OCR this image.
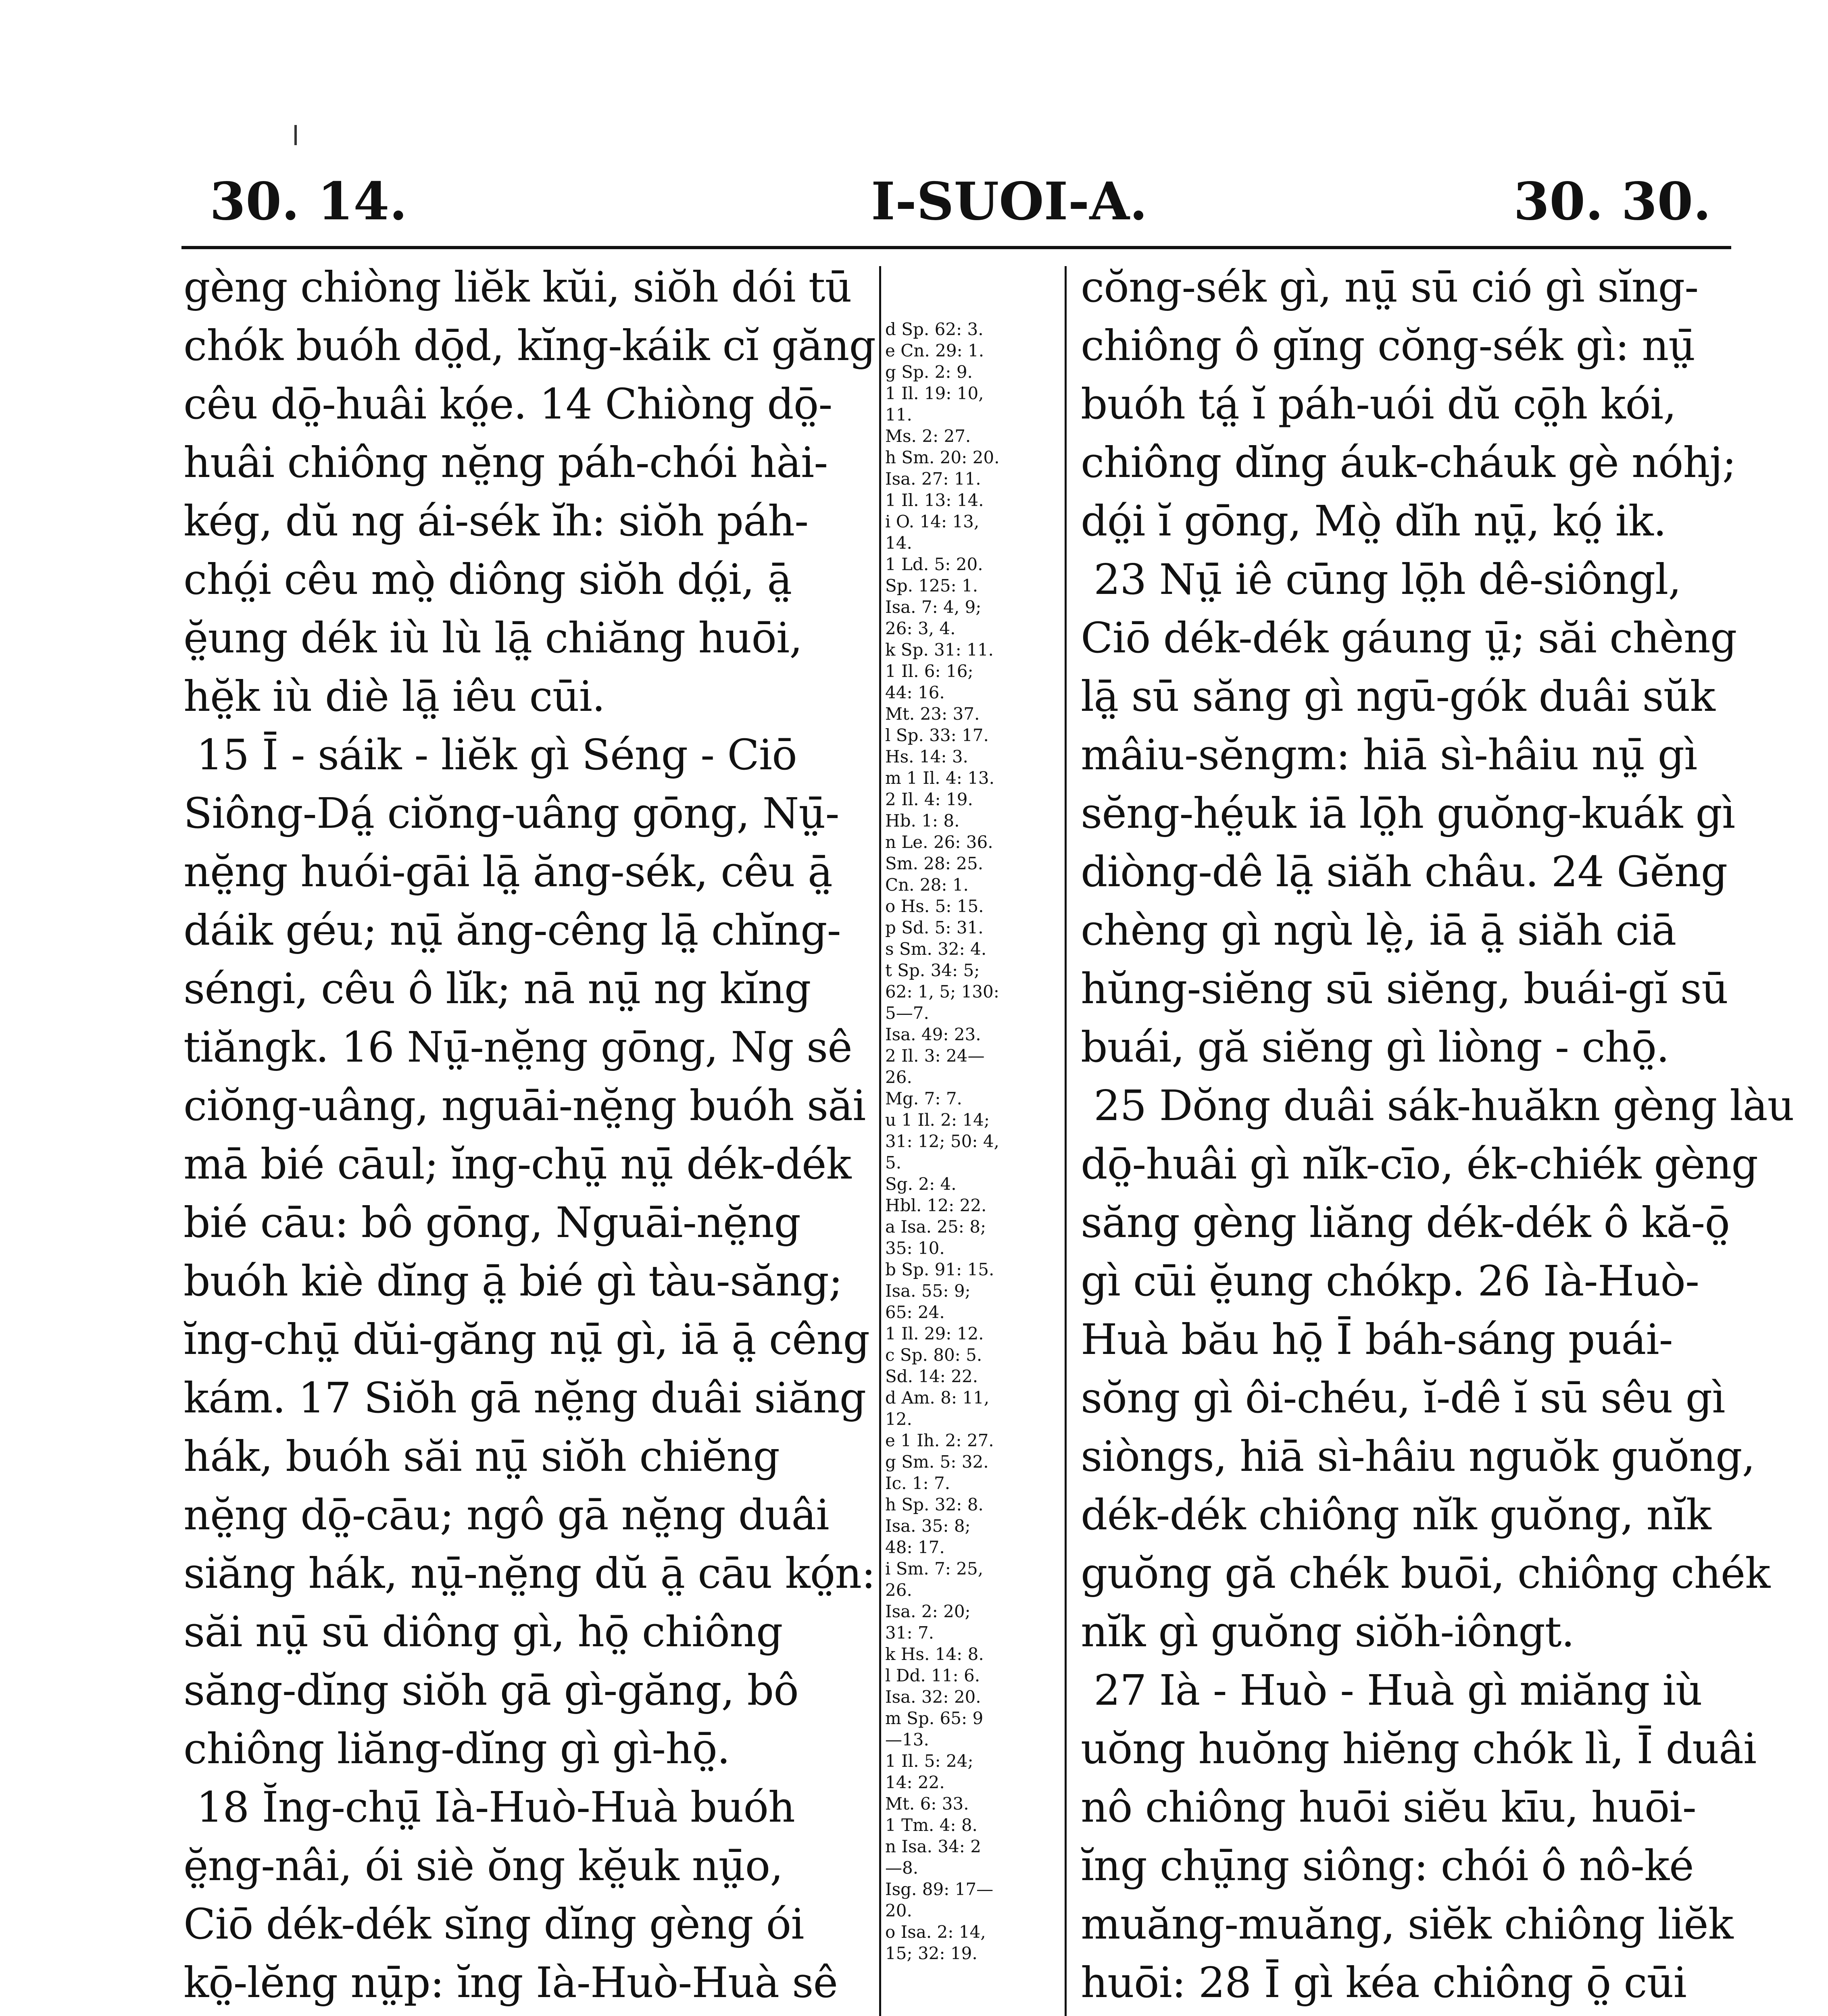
30. 14.	I-SUOI-A.	30. 30.
gèng chiòng liĕk kŭi, siŏh dói tū
chók buóh dō̤d, kĭng-káik cĭ găng
cêu dō̤-huâi kó̤e. 14 Chiòng dō̤-
huâi chiông nĕ̤ng páh-chói hài-
kég, dŭ ng ái-sék ĭh: siŏh páh-
chó̤i cêu mò̤ diông siŏh dó̤i, ā̤
ĕ̤ung dék iù lù lā̤ chiăng huōi,
hĕ̤k iù diè lā̤ iêu cūi.
15 Ī - sáik - liĕk gì Séng - Ciō
Siông-Dá̤ ciŏng-uâng gōng, Nṳ̄-
nĕ̤ng huói-gāi lā̤ ăng-sék, cêu ā̤
dáik géu; nṳ̄ ăng-cêng lā̤ chĭng-
séngi, cêu ô lĭk; nā nṳ̄ ng kĭng
tiăngk. 16 Nṳ̄-nĕ̤ng gōng, Ng sê
ciŏng-uâng, nguāi-nĕ̤ng buóh săi
mā bié cāul; ĭng-chṳ̄ nṳ̄ dék-dék
bié cāu: bô gōng, Nguāi-nĕ̤ng
buóh kiè dĭng ā̤ bié gì tàu-săng;
ĭng-chṳ̄ dŭi-găng nṳ̄ gì, iā ā̤ cêng
kám. 17 Siŏh gā nĕ̤ng duâi siăng
hák, buóh săi nṳ̄ siŏh chiĕng
nĕ̤ng dō̤-cāu; ngô gā nĕ̤ng duâi
siăng hák, nṳ̄-nĕ̤ng dŭ ā̤ cāu kó̤n:
săi nṳ̄ sū diông gì, hō̤ chiông
săng-dĭng siŏh gā gì-găng, bô
chiông liăng-dĭng gì gì-hō̤.
18 Ĭng-chṳ̄ Ià-Huò-Huà buóh
ĕ̤ng-nâi, ói siè ŏng kĕ̤uk nṳ̄o,
Ciō dék-dék sĭng dĭng gèng ói
kō̤-lĕng nṳ̄p: ĭng Ià-Huò-Huà sê

d Sp. 62: 3.
e Cn. 29: 1.
g Sp. 2: 9.
1 Il. 19: 10,
11.
Ms. 2: 27.
h Sm. 20: 20.
Isa. 27: 11.
1 Il. 13: 14.
i O. 14: 13,
14.
1 Ld. 5: 20.
Sp. 125: 1.
Isa. 7: 4, 9;
26: 3, 4.
k Sp. 31: 11.
1 Il. 6: 16;
44: 16.
Mt. 23: 37.
l Sp. 33: 17.
Hs. 14: 3.
m 1 Il. 4: 13.
2 Il. 4: 19.
Hb. 1: 8.
n Le. 26: 36.
Sm. 28: 25.
Cn. 28: 1.
o Hs. 5: 15.
p Sd. 5: 31.
s Sm. 32: 4.
t Sp. 34: 5;
62: 1, 5; 130:
5—7.
Isa. 49: 23.
2 Il. 3: 24—
26.
Mg. 7: 7.
u 1 Il. 2: 14;
31: 12; 50: 4,
5.
Sg. 2: 4.
Hbl. 12: 22.
a Isa. 25: 8;
35: 10.
b Sp. 91: 15.
Isa. 55: 9;
65: 24.
1 Il. 29: 12.
c Sp. 80: 5.
Sd. 14: 22.
d Am. 8: 11,
12.
e 1 Ih. 2: 27.
g Sm. 5: 32.
Ic. 1: 7.
h Sp. 32: 8.
Isa. 35: 8;
48: 17.
i Sm. 7: 25,
26.
Isa. 2: 20;
31: 7.
k Hs. 14: 8.
l Dd. 11: 6.
Isa. 32: 20.
m Sp. 65: 9
—13.
1 Il. 5: 24;
14: 22.
Mt. 6: 33.
1 Tm. 4: 8.
n Isa. 34: 2
—8.
Isg. 89: 17—
20.
o Isa. 2: 14,
15; 32: 19.
cŏng-sék gì, nṳ̄ sū ció gì sĭng-
chiông ô gĭng cŏng-sék gì: nṳ̄
buóh tá̤ ĭ páh-uói dŭ cō̤h kói,
chiông dĭng áuk-cháuk gè nóhj;
dó̤i ĭ gōng, Mò̤ dĭh nṳ̄, kó̤ ik.
23 Nṳ̄ iê cūng lō̤h dê-siôngl,
Ciō dék-dék gáung ṳ̄; săi chèng
lā̤ sū săng gì ngū-gók duâi sŭk
mâiu-sĕngm: hiā sì-hâiu nṳ̄ gì
sĕng-hé̤uk iā lō̤h guŏng-kuák gì
diòng-dê lā̤ siăh châu. 24 Gĕng
chèng gì ngù lè̤, iā ā̤ siăh ciā
hŭng-siĕng sū siĕng, buái-gĭ sū
buái, gă siĕng gì liòng - chō̤.
25 Dŏng duâi sák-huăkn gèng làu
dō̤-huâi gì nĭk-cīo, ék-chiék gèng
săng gèng liăng dék-dék ô kă-ō̤
gì cūi ĕ̤ung chókp. 26 Ià-Huò-
Huà bău hō̤ Ī báh-sáng puái-
sŏng gì ôi-chéu, ĭ-dê ĭ sū sêu gì
siòngs, hiā sì-hâiu nguŏk guŏng,
dék-dék chiông nĭk guŏng, nĭk
guŏng gă chék buōi, chiông chék
nĭk gì guŏng siŏh-iôngt.
27 Ià - Huò - Huà gì miăng iù
uŏng huŏng hiĕng chók lì, Ī duâi
nô chiông huōi siĕu kīu, huōi-
ĭng chṳ̄ng siông: chói ô nô-ké
muăng-muăng, siĕk chiông liĕk
huōi: 28 Ī gì kéa chiông ō̤ cūi
